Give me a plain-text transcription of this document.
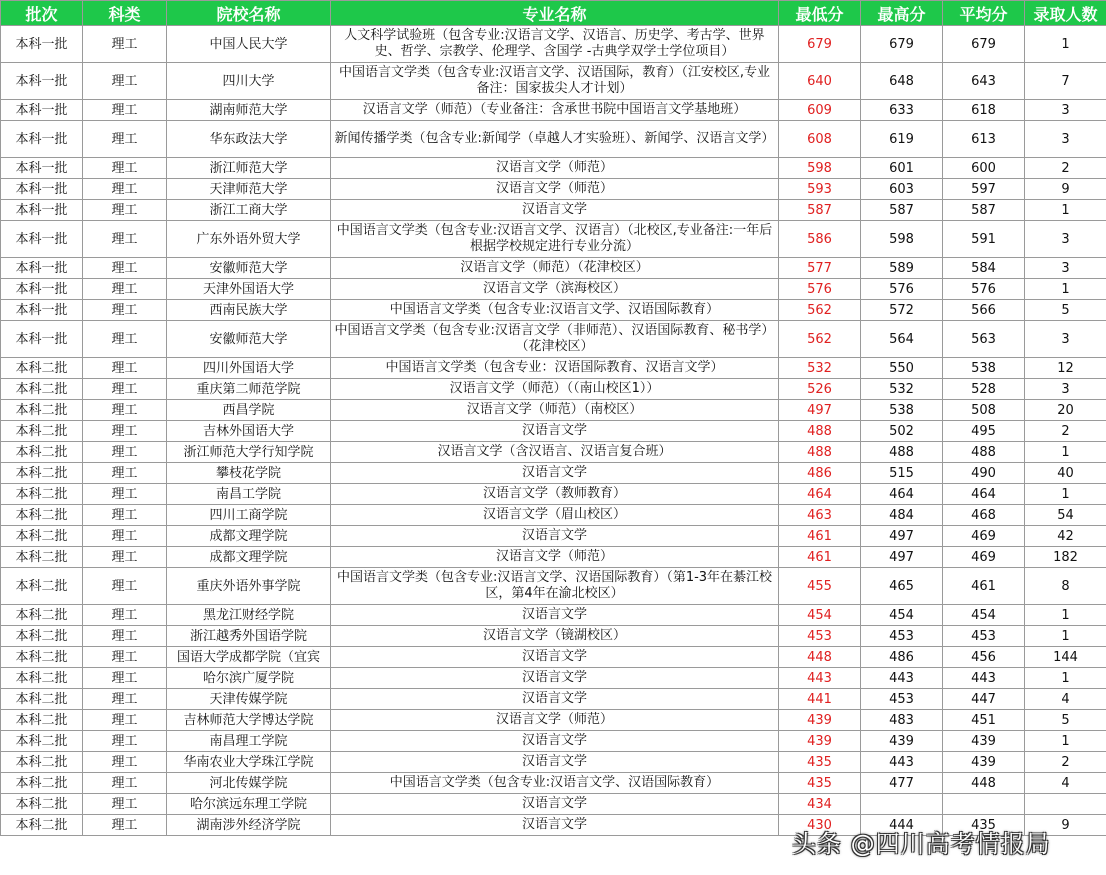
批次	科类	院校名称	专业名称	最低分	最高分	平均分	录取人数
本科一批	理工	中国人民大学	人文科学试验班（包含专业:汉语言文学、汉语言、历史学、考古学、世界史、哲学、宗教学、伦理学、含国学 -古典学双学士学位项目）	679	679	679	1
本科一批	理工	四川大学	中国语言文学类（包含专业:汉语言文学、汉语国际，教育）（江安校区,专业备注：国家拔尖人才计划）	640	648	643	7
本科一批	理工	湖南师范大学	汉语言文学（师范）（专业备注：含承世书院中国语言文学基地班）	609	633	618	3
本科一批	理工	华东政法大学	新闻传播学类（包含专业:新闻学（卓越人才实验班）、新闻学、汉语言文学）	608	619	613	3
本科一批	理工	浙江师范大学	汉语言文学（师范）	598	601	600	2
本科一批	理工	天津师范大学	汉语言文学（师范）	593	603	597	9
本科一批	理工	浙江工商大学	汉语言文学	587	587	587	1
本科一批	理工	广东外语外贸大学	中国语言文学类（包含专业:汉语言文学、汉语言）（北校区,专业备注:一年后根据学校规定进行专业分流）	586	598	591	3
本科一批	理工	安徽师范大学	汉语言文学（师范）（花津校区）	577	589	584	3
本科一批	理工	天津外国语大学	汉语言文学（滨海校区）	576	576	576	1
本科一批	理工	西南民族大学	中国语言文学类（包含专业:汉语言文学、汉语国际教育）	562	572	566	5
本科一批	理工	安徽师范大学	中国语言文学类（包含专业:汉语言文学（非师范）、汉语国际教育、秘书学）（花津校区）	562	564	563	3
本科二批	理工	四川外国语大学	中国语言文学类（包含专业：汉语国际教育、汉语言文学）	532	550	538	12
本科二批	理工	重庆第二师范学院	汉语言文学（师范）（（南山校区1））	526	532	528	3
本科二批	理工	西昌学院	汉语言文学（师范）（南校区）	497	538	508	20
本科二批	理工	吉林外国语大学	汉语言文学	488	502	495	2
本科二批	理工	浙江师范大学行知学院	汉语言文学（含汉语言、汉语言复合班）	488	488	488	1
本科二批	理工	攀枝花学院	汉语言文学	486	515	490	40
本科二批	理工	南昌工学院	汉语言文学（教师教育）	464	464	464	1
本科二批	理工	四川工商学院	汉语言文学（眉山校区）	463	484	468	54
本科二批	理工	成都文理学院	汉语言文学	461	497	469	42
本科二批	理工	成都文理学院	汉语言文学（师范）	461	497	469	182
本科二批	理工	重庆外语外事学院	中国语言文学类（包含专业:汉语言文学、汉语国际教育）（第1-3年在綦江校区，第4年在渝北校区）	455	465	461	8
本科二批	理工	黑龙江财经学院	汉语言文学	454	454	454	1
本科二批	理工	浙江越秀外国语学院	汉语言文学（镜湖校区）	453	453	453	1
本科二批	理工	国语大学成都学院（宜宾	汉语言文学	448	486	456	144
本科二批	理工	哈尔滨广厦学院	汉语言文学	443	443	443	1
本科二批	理工	天津传媒学院	汉语言文学	441	453	447	4
本科二批	理工	吉林师范大学博达学院	汉语言文学（师范）	439	483	451	5
本科二批	理工	南昌理工学院	汉语言文学	439	439	439	1
本科二批	理工	华南农业大学珠江学院	汉语言文学	435	443	439	2
本科二批	理工	河北传媒学院	中国语言文学类（包含专业:汉语言文学、汉语国际教育）	435	477	448	4
本科二批	理工	哈尔滨远东理工学院	汉语言文学	434			
本科二批	理工	湖南涉外经济学院	汉语言文学	430	444	435	9
头条 @四川高考情报局
